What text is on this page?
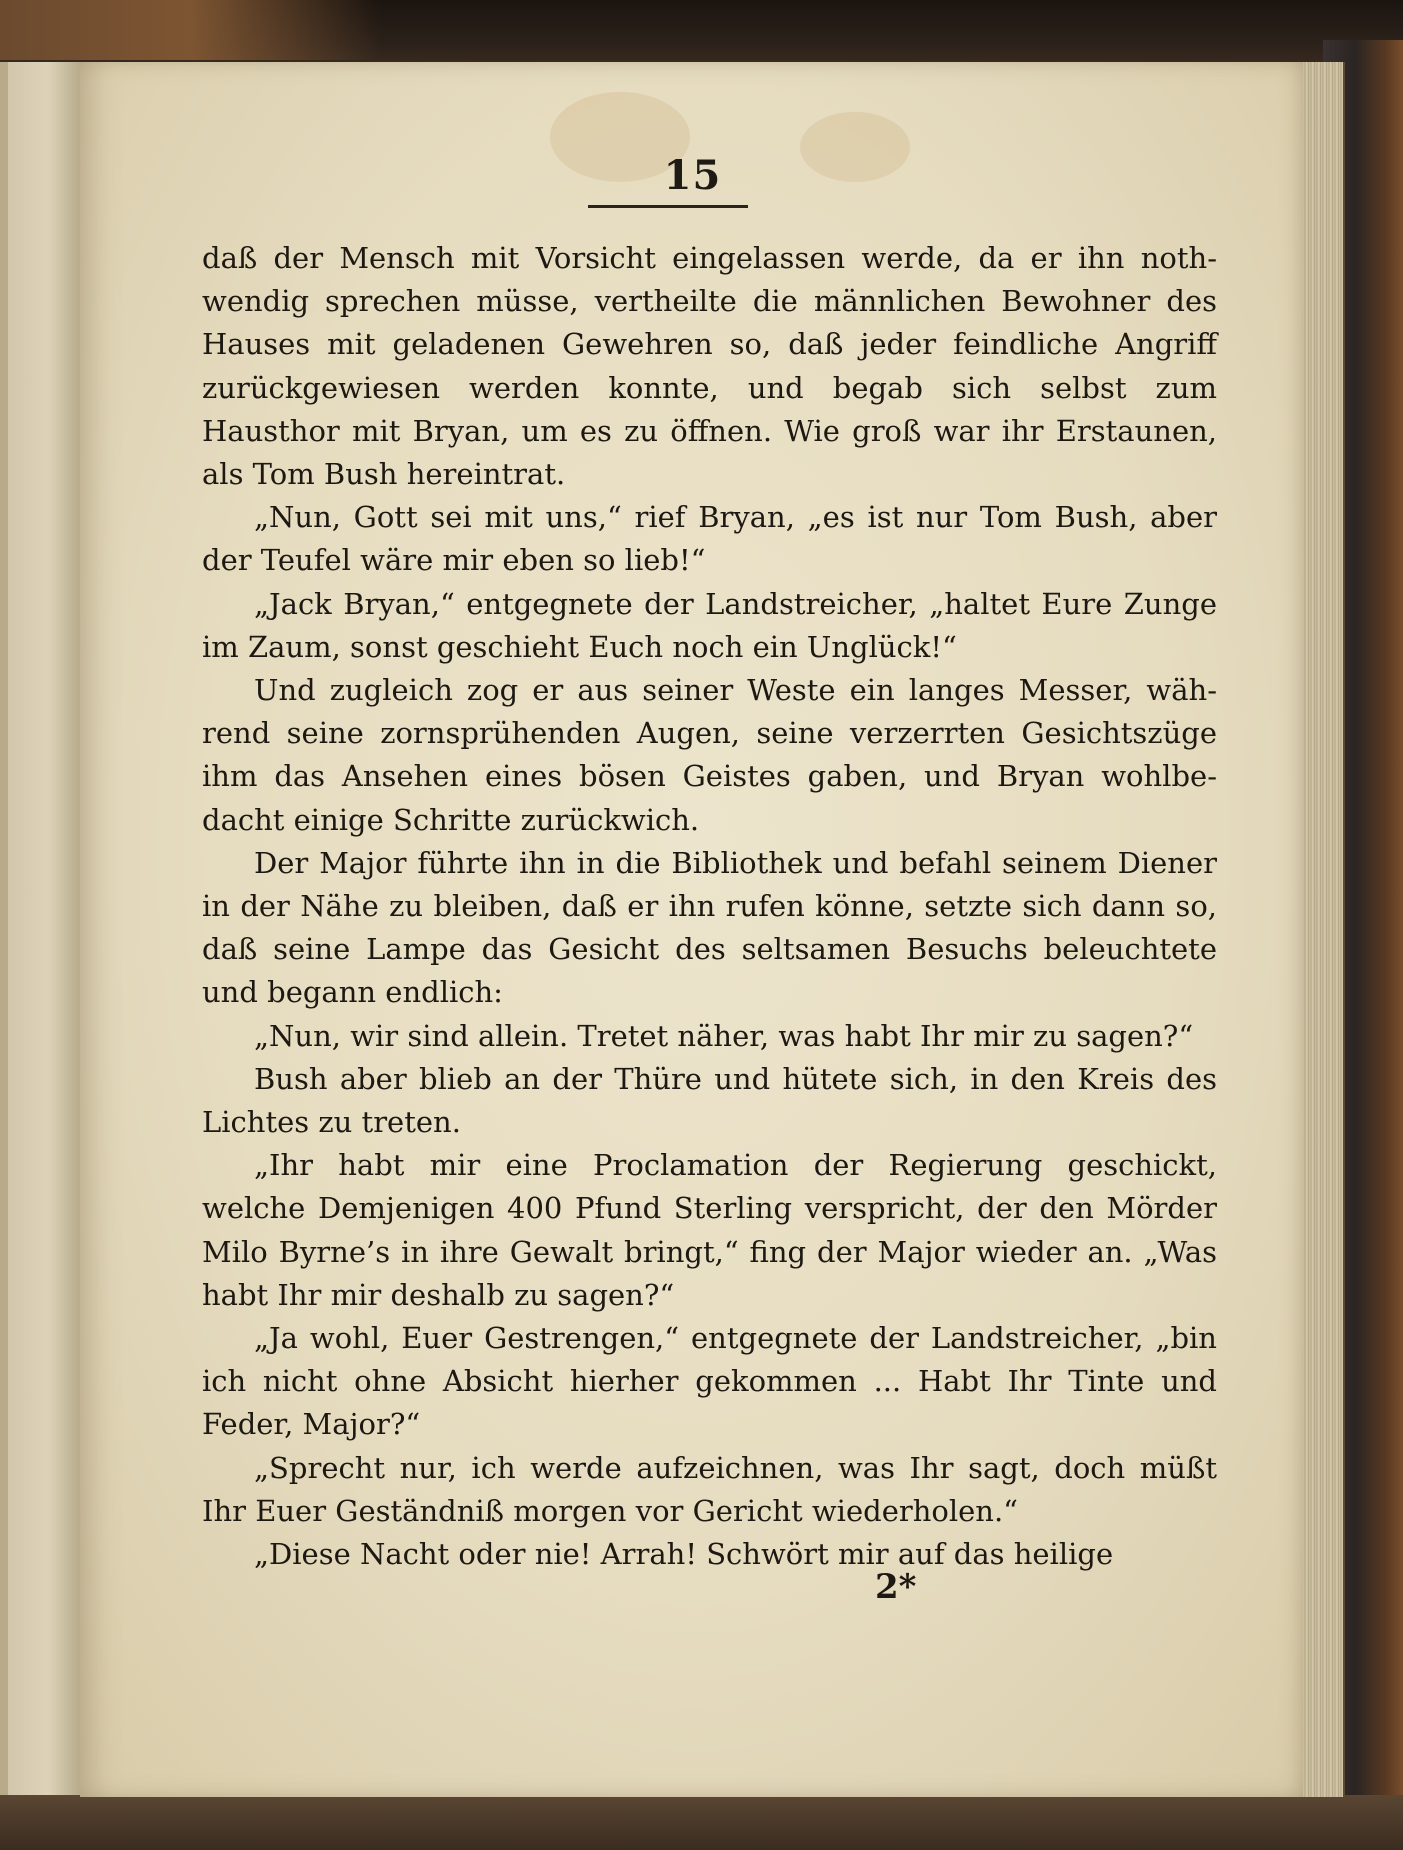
15

daß der Mensch mit Vorsicht eingelassen werde, da er ihn nothwendig sprechen müsse, vertheilte die männlichen Bewohner des Hauses mit geladenen Gewehren so, daß jeder feindliche Angriff zurückgewiesen werden konnte, und begab sich selbst zum Hausthor mit Bryan, um es zu öffnen. Wie groß war ihr Erstaunen, als Tom Bush hereintrat.

„Nun, Gott sei mit uns,“ rief Bryan, „es ist nur Tom Bush, aber der Teufel wäre mir eben so lieb!“

„Jack Bryan,“ entgegnete der Landstreicher, „haltet Eure Zunge im Zaum, sonst geschieht Euch noch ein Unglück!“

Und zugleich zog er aus seiner Weste ein langes Messer, während seine zornsprühenden Augen, seine verzerrten Gesichtszüge ihm das Ansehen eines bösen Geistes gaben, und Bryan wohlbedacht einige Schritte zurückwich.

Der Major führte ihn in die Bibliothek und befahl seinem Diener in der Nähe zu bleiben, daß er ihn rufen könne, setzte sich dann so, daß seine Lampe das Gesicht des seltsamen Besuchs beleuchtete und begann endlich:

„Nun, wir sind allein. Tretet näher, was habt Ihr mir zu sagen?“

Bush aber blieb an der Thüre und hütete sich, in den Kreis des Lichtes zu treten.

„Ihr habt mir eine Proclamation der Regierung geschickt, welche Demjenigen 400 Pfund Sterling verspricht, der den Mörder Milo Byrne’s in ihre Gewalt bringt,“ fing der Major wieder an. „Was habt Ihr mir deshalb zu sagen?“

„Ja wohl, Euer Gestrengen,“ entgegnete der Landstreicher, „bin ich nicht ohne Absicht hierher gekommen ... Habt Ihr Tinte und Feder, Major?“

„Sprecht nur, ich werde aufzeichnen, was Ihr sagt, doch müßt Ihr Euer Geständniß morgen vor Gericht wiederholen.“

„Diese Nacht oder nie! Arrah! Schwört mir auf das heilige

2*
